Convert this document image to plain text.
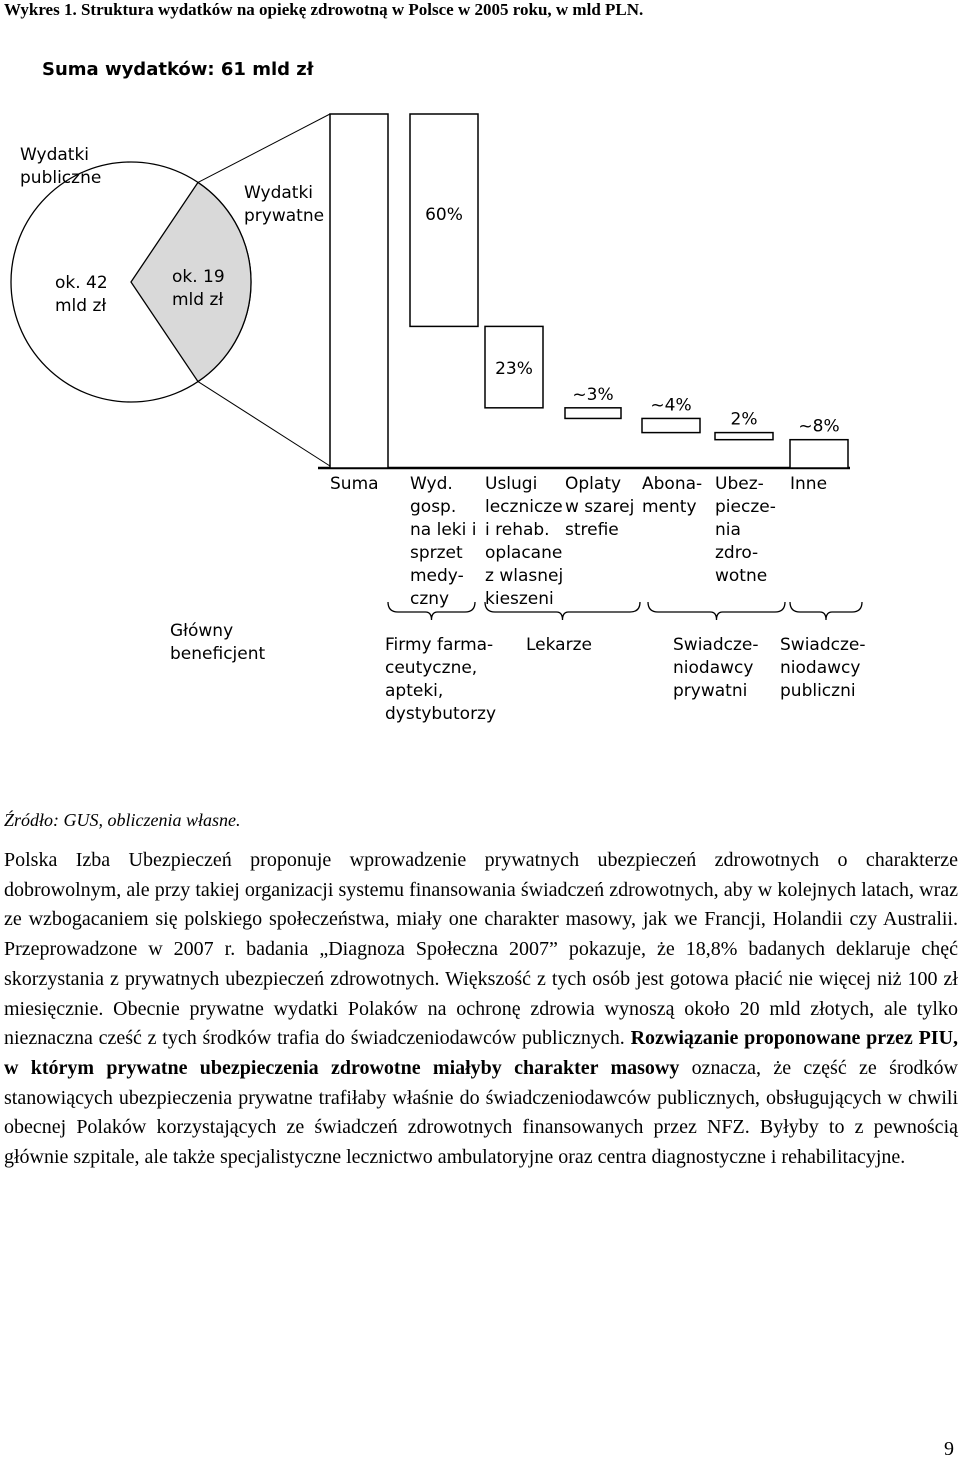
Wykres 1. Struktura wydatków na opiekę zdrowotną w Polsce w 2005 roku, w mld PLN.
Suma wydatków: 61 mld zł
Wydatki publiczne
ok. 42 mld zł
Wydatki prywatne
ok. 19 mld zł
Suma
60%
Wyd. gosp. na leki i sprzet medy-czny
23%
Uslugi lecznicze i rehab. oplacane z wlasnej kieszeni
~3%
Oplaty w szarej strefie
~4%
Abona-menty
2%
Ubez-piecze-nia zdro-wotne
~8%
Inne
Główny beneficjent	Firmy farma-ceutyczne, apteki, dystybutorzy
Lekarze	Swiadcze-niodawcy prywatni
Swiadcze-niodawcy publiczni
Źródło: GUS, obliczenia własne.

Polska Izba Ubezpieczeń proponuje wprowadzenie prywatnych ubezpieczeń zdrowotnych o charakterze dobrowolnym, ale przy takiej organizacji systemu finansowania świadczeń zdrowotnych, aby w kolejnych latach, wraz ze wzbogacaniem się polskiego społeczeństwa, miały one charakter masowy, jak we Francji, Holandii czy Australii. Przeprowadzone w 2007 r. badania „Diagnoza Społeczna 2007” pokazuje, że 18,8% badanych deklaruje chęć skorzystania z prywatnych ubezpieczeń zdrowotnych. Większość z tych osób jest gotowa płacić nie więcej niż 100 zł miesięcznie. Obecnie prywatne wydatki Polaków na ochronę zdrowia wynoszą około 20 mld złotych, ale tylko nieznaczna cześć z tych środków trafia do świadczeniodawców publicznych. Rozwiązanie proponowane przez PIU, w którym prywatne ubezpieczenia zdrowotne miałyby charakter masowy oznacza, że część ze środków stanowiących ubezpieczenia prywatne trafiłaby właśnie do świadczeniodawców publicznych, obsługujących w chwili obecnej Polaków korzystających ze świadczeń zdrowotnych finansowanych przez NFZ. Byłyby to z pewnością głównie szpitale, ale także specjalistyczne lecznictwo ambulatoryjne oraz centra diagnostyczne i rehabilitacyjne.

9
